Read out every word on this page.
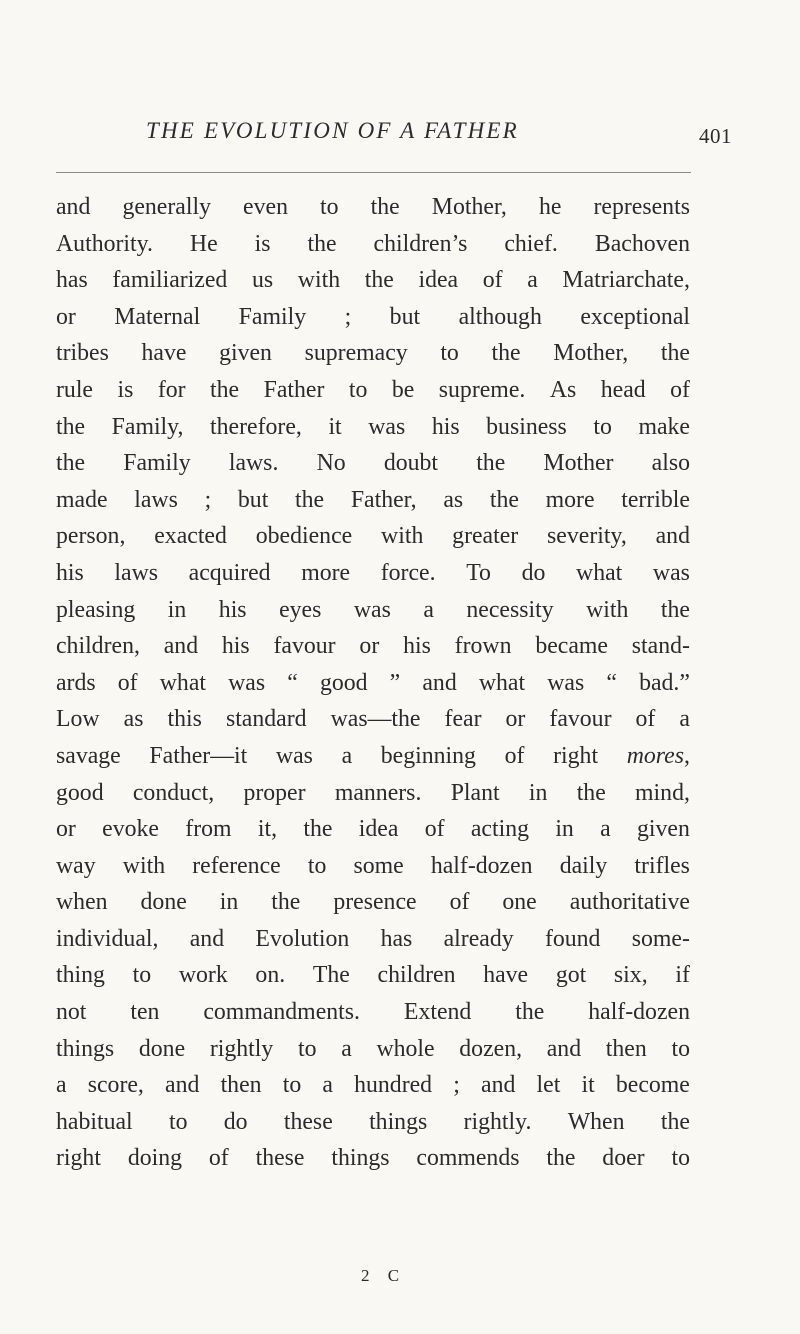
THE EVOLUTION OF A FATHER	401
and generally even to the Mother, he represents
Authority. He is the children’s chief. Bachoven
has familiarized us with the idea of a Matriarchate,
or Maternal Family ; but although exceptional
tribes have given supremacy to the Mother, the
rule is for the Father to be supreme. As head of
the Family, therefore, it was his business to make
the Family laws. No doubt the Mother also
made laws ; but the Father, as the more terrible
person, exacted obedience with greater severity, and
his laws acquired more force. To do what was
pleasing in his eyes was a necessity with the
children, and his favour or his frown became stand-
ards of what was “ good ” and what was “ bad.”
Low as this standard was—the fear or favour of a
savage Father—it was a beginning of right mores,
good conduct, proper manners. Plant in the mind,
or evoke from it, the idea of acting in a given
way with reference to some half-dozen daily trifles
when done in the presence of one authoritative
individual, and Evolution has already found some-
thing to work on. The children have got six, if
not ten commandments. Extend the half-dozen
things done rightly to a whole dozen, and then to
a score, and then to a hundred ; and let it become
habitual to do these things rightly. When the
right doing of these things commends the doer to
2 C
